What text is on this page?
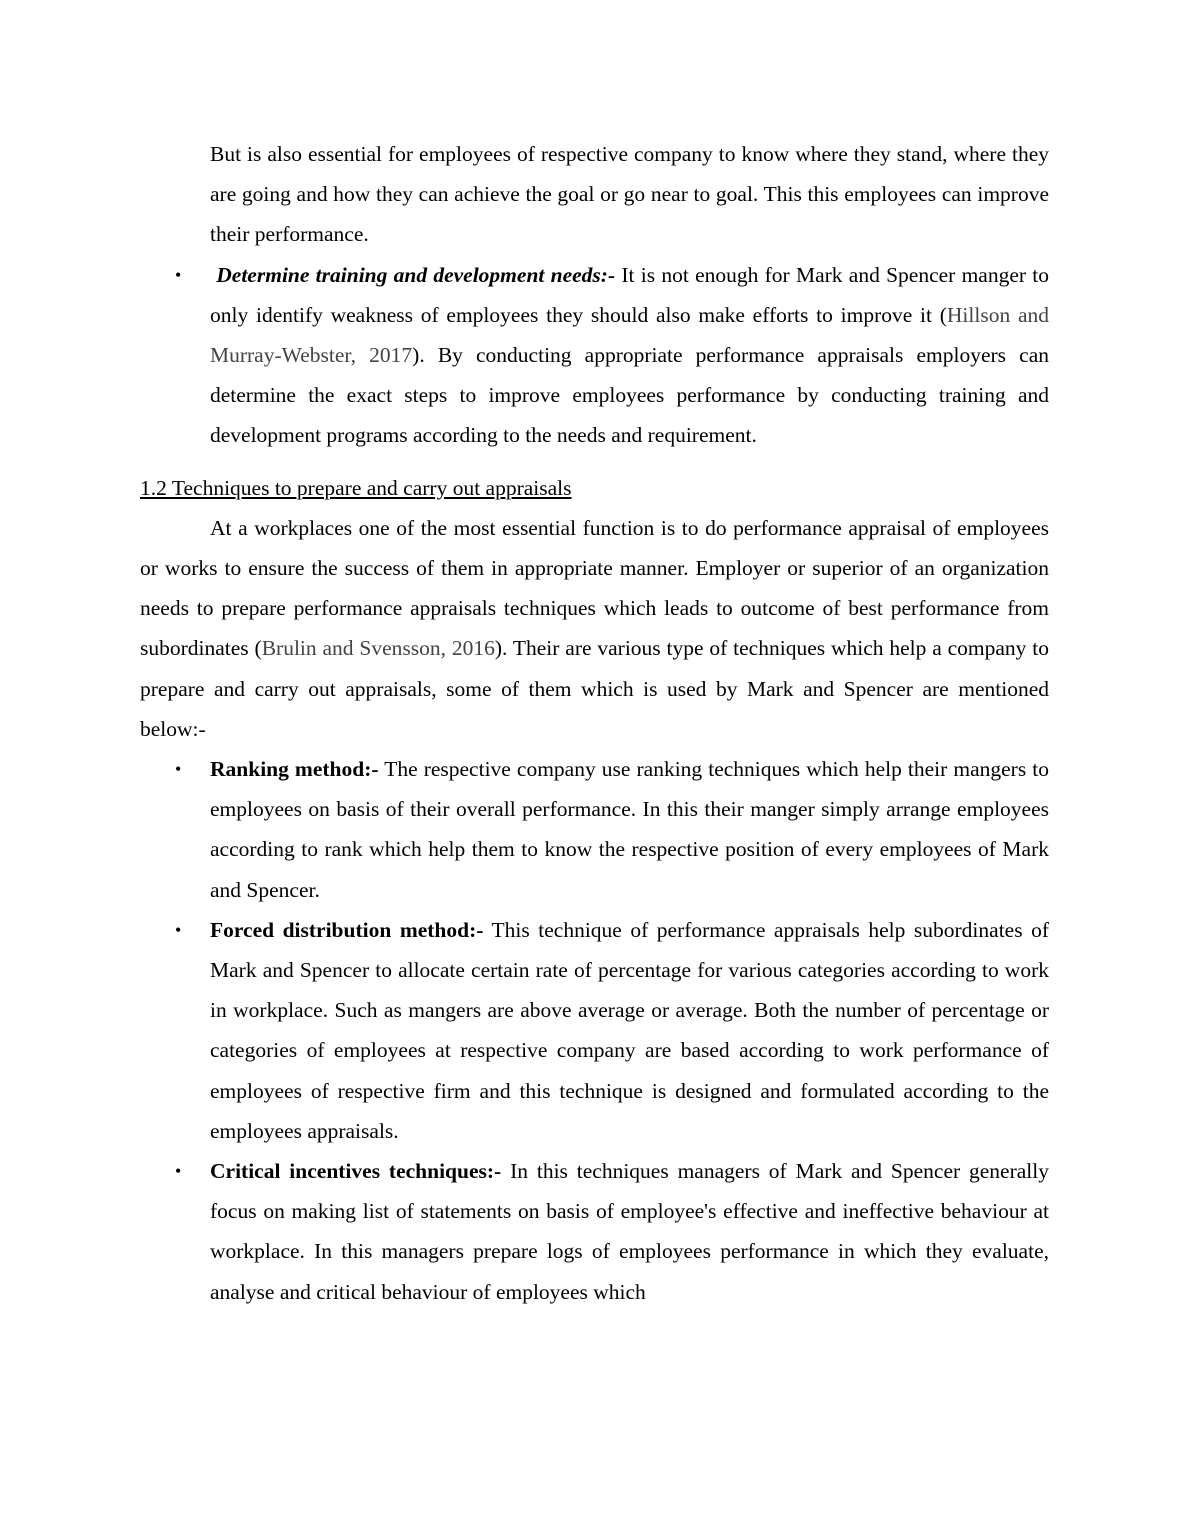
But is also essential for employees of respective company to know where they stand, where they are going and how they can achieve the goal or go near to goal. This this employees can improve their performance.

• Determine training and development needs:- It is not enough for Mark and Spencer manger to only identify weakness of employees they should also make efforts to improve it (Hillson and Murray-Webster, 2017). By conducting appropriate performance appraisals employers can determine the exact steps to improve employees performance by conducting training and development programs according to the needs and requirement.

1.2 Techniques to prepare and carry out appraisals

At a workplaces one of the most essential function is to do performance appraisal of employees or works to ensure the success of them in appropriate manner. Employer or superior of an organization needs to prepare performance appraisals techniques which leads to outcome of best performance from subordinates (Brulin and Svensson, 2016). Their are various type of techniques which help a company to prepare and carry out appraisals, some of them which is used by Mark and Spencer are mentioned below:-

• Ranking method:- The respective company use ranking techniques which help their mangers to employees on basis of their overall performance. In this their manger simply arrange employees according to rank which help them to know the respective position of every employees of Mark and Spencer.
• Forced distribution method:- This technique of performance appraisals help subordinates of Mark and Spencer to allocate certain rate of percentage for various categories according to work in workplace. Such as mangers are above average or average. Both the number of percentage or categories of employees at respective company are based according to work performance of employees of respective firm and this technique is designed and formulated according to the employees appraisals.
• Critical incentives techniques:- In this techniques managers of Mark and Spencer generally focus on making list of statements on basis of employee's effective and ineffective behaviour at workplace. In this managers prepare logs of employees performance in which they evaluate, analyse and critical behaviour of employees which
